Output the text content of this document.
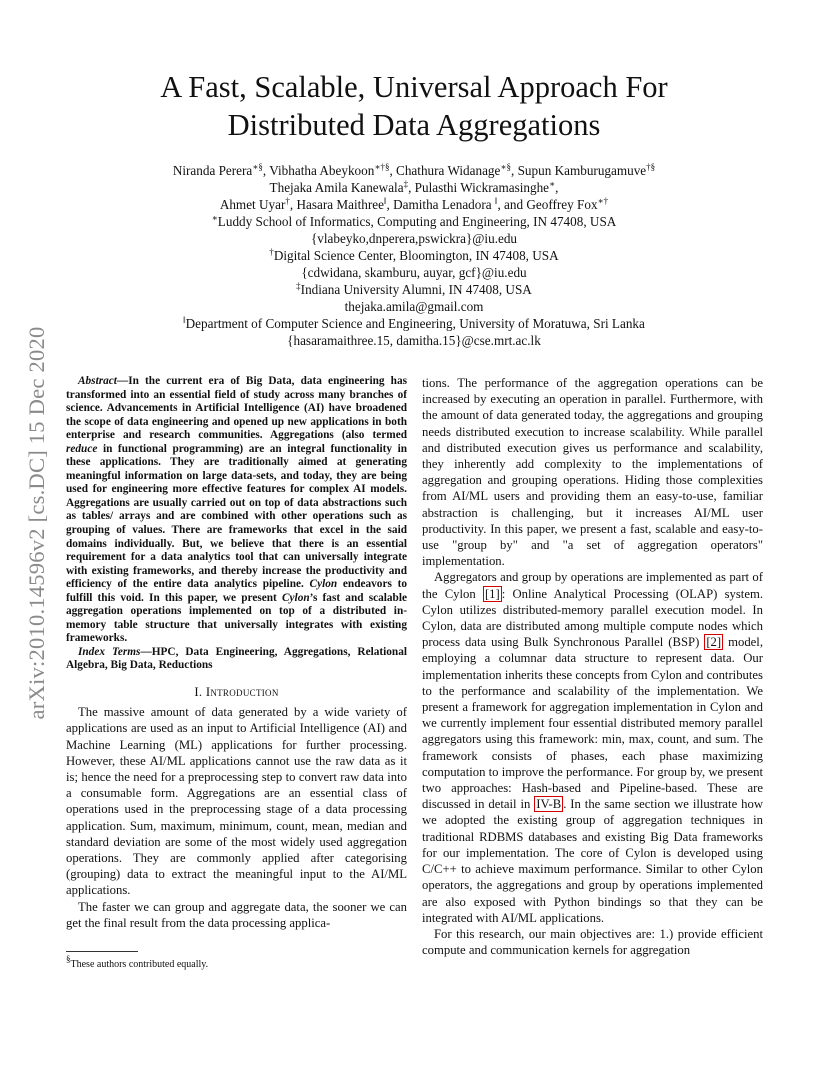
arXiv:2010.14596v2 [cs.DC] 15 Dec 2020
A Fast, Scalable, Universal Approach For
Distributed Data Aggregations
Niranda Perera∗§, Vibhatha Abeykoon∗†§, Chathura Widanage∗§, Supun Kamburugamuve†§
Thejaka Amila Kanewala‡, Pulasthi Wickramasinghe∗,
Ahmet Uyar†, Hasara Maithree‖, Damitha Lenadora ‖, and Geoffrey Fox∗†
∗Luddy School of Informatics, Computing and Engineering, IN 47408, USA
{vlabeyko,dnperera,pswickra}@iu.edu
†Digital Science Center, Bloomington, IN 47408, USA
{cdwidana, skamburu, auyar, gcf}@iu.edu
‡Indiana University Alumni, IN 47408, USA
thejaka.amila@gmail.com
‖Department of Computer Science and Engineering, University of Moratuwa, Sri Lanka
{hasaramaithree.15, damitha.15}@cse.mrt.ac.lk

Abstract—In the current era of Big Data, data engineering has transformed into an essential field of study across many branches of science. Advancements in Artificial Intelligence (AI) have broadened the scope of data engineering and opened up new applications in both enterprise and research communities. Aggregations (also termed reduce in functional programming) are an integral functionality in these applications. They are traditionally aimed at generating meaningful information on large data-sets, and today, they are being used for engineering more effective features for complex AI models. Aggregations are usually carried out on top of data abstractions such as tables/ arrays and are combined with other operations such as grouping of values. There are frameworks that excel in the said domains individually. But, we believe that there is an essential requirement for a data analytics tool that can universally integrate with existing frameworks, and thereby increase the productivity and efficiency of the entire data analytics pipeline. Cylon endeavors to fulfill this void. In this paper, we present Cylon’s fast and scalable aggregation operations implemented on top of a distributed in-memory table structure that universally integrates with existing frameworks.

Index Terms—HPC, Data Engineering, Aggregations, Relational Algebra, Big Data, Reductions

I. Introduction

The massive amount of data generated by a wide variety of applications are used as an input to Artificial Intelligence (AI) and Machine Learning (ML) applications for further processing. However, these AI/ML applications cannot use the raw data as it is; hence the need for a preprocessing step to convert raw data into a consumable form. Aggregations are an essential class of operations used in the preprocessing stage of a data processing application. Sum, maximum, minimum, count, mean, median and standard deviation are some of the most widely used aggregation operations. They are commonly applied after categorising (grouping) data to extract the meaningful input to the AI/ML applications.

The faster we can group and aggregate data, the sooner we can get the final result from the data processing applica-

§These authors contributed equally.

tions. The performance of the aggregation operations can be increased by executing an operation in parallel. Furthermore, with the amount of data generated today, the aggregations and grouping needs distributed execution to increase scalability. While parallel and distributed execution gives us performance and scalability, they inherently add complexity to the implementations of aggregation and grouping operations. Hiding those complexities from AI/ML users and providing them an easy-to-use, familiar abstraction is challenging, but it increases AI/ML user productivity. In this paper, we present a fast, scalable and easy-to-use "group by" and "a set of aggregation operators" implementation.

Aggregators and group by operations are implemented as part of the Cylon [1] : Online Analytical Processing (OLAP) system. Cylon utilizes distributed-memory parallel execution model. In Cylon, data are distributed among multiple compute nodes which process data using Bulk Synchronous Parallel (BSP) [2] model, employing a columnar data structure to represent data. Our implementation inherits these concepts from Cylon and contributes to the performance and scalability of the implementation. We present a framework for aggregation implementation in Cylon and we currently implement four essential distributed memory parallel aggregators using this framework: min, max, count, and sum. The framework consists of phases, each phase maximizing computation to improve the performance. For group by, we present two approaches: Hash-based and Pipeline-based. These are discussed in detail in IV-B . In the same section we illustrate how we adopted the existing group of aggregation techniques in traditional RDBMS databases and existing Big Data frameworks for our implementation. The core of Cylon is developed using C/C++ to achieve maximum performance. Similar to other Cylon operators, the aggregations and group by operations implemented are also exposed with Python bindings so that they can be integrated with AI/ML applications.

For this research, our main objectives are: 1.) provide efficient compute and communication kernels for aggregation
